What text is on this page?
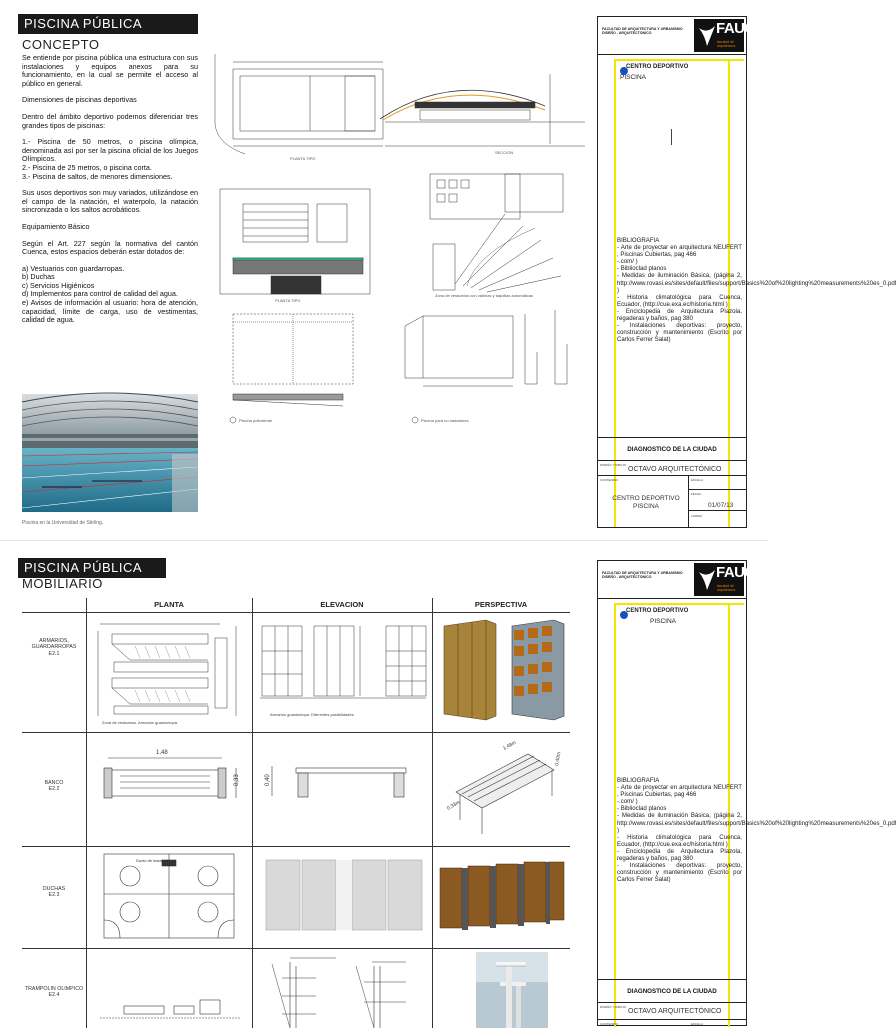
PISCINA PÚBLICA
CONCEPTO

Se entiende por piscina pública una estructura con sus instalaciones y equipos anexos para su funcionamiento, en la cual se permite el acceso al público en general.

Dimensiones de piscinas deportivas

Dentro del ámbito deportivo podemos diferenciar tres grandes tipos de piscinas:

1.- Piscina de 50 metros, o piscina olímpica, denominada así por ser la piscina oficial de los Juegos Olímpicos.

2.- Piscina de 25 metros, o piscina corta.

3.- Piscina de saltos, de menores dimensiones.

Sus usos deportivos son muy variados, utilizándose en el campo de la natación, el waterpolo, la natación sincronizada o los saltos acrobáticos.

Equipamiento Básico

Según el Art. 227 según la normativa del cantón Cuenca, estos espacios deberán estar dotados de:

a) Vestuarios con guardarropas.

b) Duchas

c) Servicios Higiénicos

d) Implementos para control de calidad del agua.

e) Avisos de información al usuario: hora de atención, capacidad, límite de carga, uso de vestimentas, calidad de agua.

Piscina en la Universidad de Stirling.
PLANTA TIPO
SECCION
PLANTA TIPO
Zona de vestuarios con cabinas y taquillas automáticas
Piscina polivalente	Piscina para no nadadores
FACULTAD DE ARQUITECTURA Y URBANISMO
DISEÑO - ARQUITECTONICO	FAUC
facultad de
arquitectura
CENTRO DEPORTIVO
PISCINA
BIBLIOGRAFIA
- Arte de proyectar en arquitectura NEUFERT , Piscinas Cubiertas, pag 466
-.com/ )
- Biblioclad planos
- Medidas de iluminación Básica, (página 2, http://www.rovasi.es/sites/default/files/support/Basics%20of%20lighting%20measurements%20es_0.pdf )
- Historia climatológica para Cuenca, Ecuador, (http://cue.exa.ec/historia.html )
- Enciclopedia de Arquitectura Plazola, regaderas y baños, pag 380
- Instalaciones deportivas: proyecto, construcción y mantenimiento (Escrito por Carlos Ferrer Salat)
DIAGNOSTICO DE LA CIUDAD
DISEÑO Y DIBUJO
OCTAVO ARQUITECTÓNICO
CONTENIDO	ESCALA
CENTRO DEPORTIVO
PISCINA
FECHA
01/07/13
LAMINA
PISCINA PÚBLICA
MOBILIARIO
PLANTA	ELEVACION	PERSPECTIVA
ARMARIOS, GUARDARROPAS
E2.1
BANCO
E2.2
DUCHAS
E2.3
TRAMPOLIN OLIMPICO
E2.4
Zona de vestuarios. Armarios guardarropa.
Armarios guardarropa. Diferentes posibilidades.
1,48
0,33	0,40
1,48m
0,40m
0,33m
Ducto de instalaciones
FACULTAD DE ARQUITECTURA Y URBANISMO
DISEÑO - ARQUITECTONICO	FAUC
facultad de
arquitectura
CENTRO DEPORTIVO
PISCINA
BIBLIOGRAFIA
- Arte de proyectar en arquitectura NEUFERT , Piscinas Cubiertas, pag 466
-.com/ )
- Biblioclad planos
- Medidas de iluminación Básica, (página 2, http://www.rovasi.es/sites/default/files/support/Basics%20of%20lighting%20measurements%20es_0.pdf )
- Historia climatológica para Cuenca, Ecuador, (http://cue.exa.ec/historia.html )
- Enciclopedia de Arquitectura Plazola, regaderas y baños, pag 380
- Instalaciones deportivas: proyecto, construcción y mantenimiento (Escrito por Carlos Ferrer Salat)
DIAGNOSTICO DE LA CIUDAD
DISEÑO Y DIBUJO
OCTAVO ARQUITECTÓNICO
CONTENIDO	ESCALA
